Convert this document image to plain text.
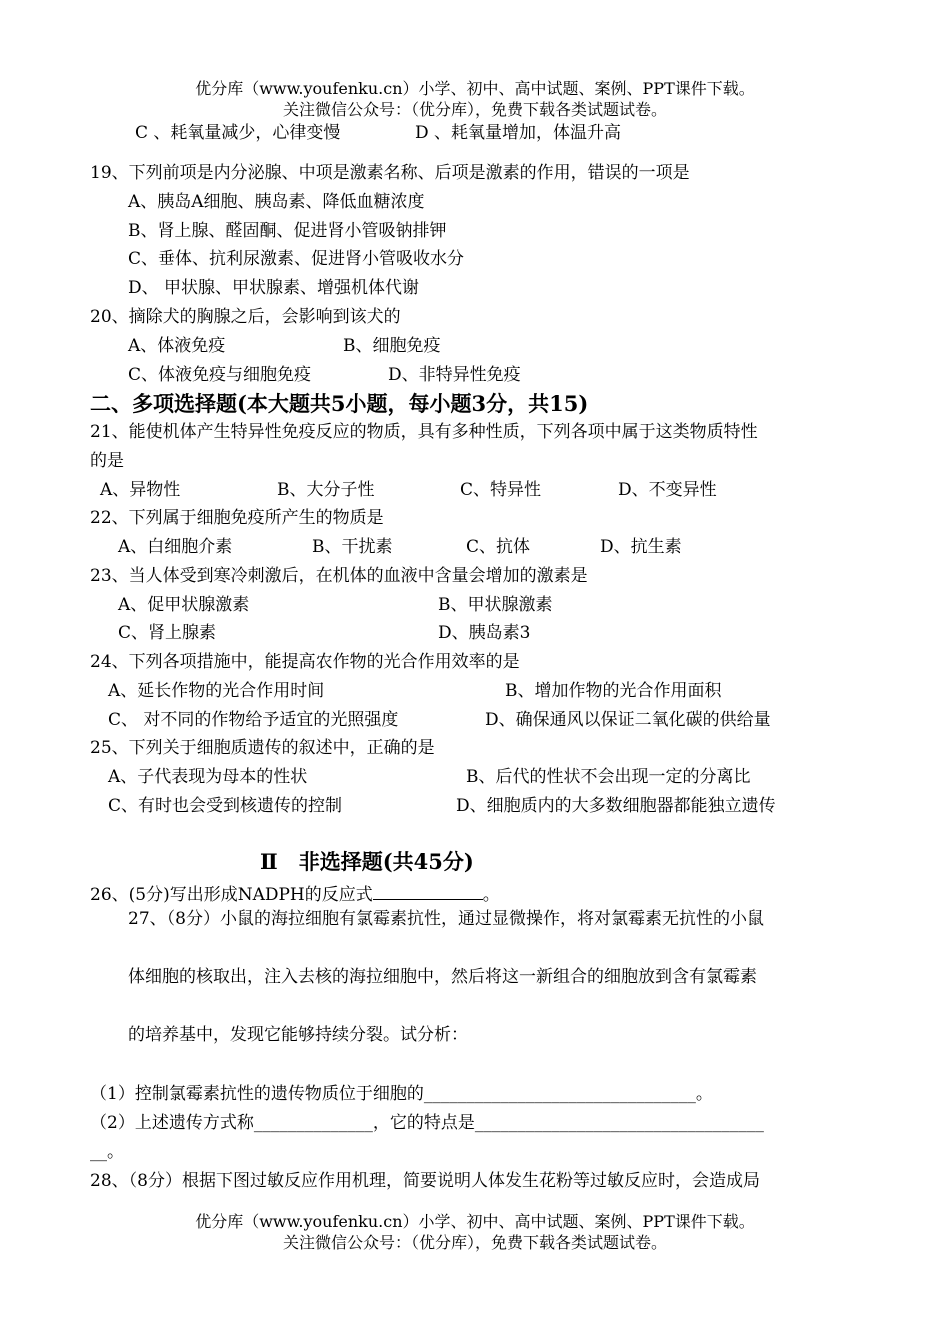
优分库（www.youfenku.cn）小学、初中、高中试题、案例、PPT课件下载。
关注微信公众号：（优分库），免费下载各类试题试卷。
C 、耗氧量减少，心律变慢	D 、耗氧量增加，体温升高
19、下列前项是内分泌腺、中项是激素名称、后项是激素的作用，错误的一项是
A、胰岛A细胞、胰岛素、降低血糖浓度
B、肾上腺、醛固酮、促进肾小管吸钠排钾
C、垂体、抗利尿激素、促进肾小管吸收水分
D、 甲状腺、甲状腺素、增强机体代谢
20、摘除犬的胸腺之后，会影响到该犬的
A、体液免疫	B、细胞免疫
C、体液免疫与细胞免疫	D、非特异性免疫
二、多项选择题(本大题共5小题，每小题3分，共15)
21、能使机体产生特异性免疫反应的物质，具有多种性质，下列各项中属于这类物质特性
的是
A、异物性	B、大分子性	C、特异性	D、不变异性
22、下列属于细胞免疫所产生的物质是
A、白细胞介素	B、干扰素	C、抗体	D、抗生素
23、当人体受到寒冷刺激后，在机体的血液中含量会增加的激素是
A、促甲状腺激素	B、甲状腺激素
C、肾上腺素	D、胰岛素3
24、下列各项措施中，能提高农作物的光合作用效率的是
A、延长作物的光合作用时间	B、增加作物的光合作用面积
C、 对不同的作物给予适宜的光照强度	D、确保通风以保证二氧化碳的供给量
25、下列关于细胞质遗传的叙述中，正确的是
A、子代表现为母本的性状	B、后代的性状不会出现一定的分离比
C、有时也会受到核遗传的控制	D、细胞质内的大多数细胞器都能独立遗传
Ⅱ　非选择题(共45分)
26、(5分)写出形成NADPH的反应式	。
27、（8分）小鼠的海拉细胞有氯霉素抗性，通过显微操作，将对氯霉素无抗性的小鼠
体细胞的核取出，注入去核的海拉细胞中，然后将这一新组合的细胞放到含有氯霉素
的培养基中，发现它能够持续分裂。试分析：
（1）控制氯霉素抗性的遗传物质位于细胞的________________________________。
（2）上述遗传方式称______________，它的特点是__________________________________
__。
28、（8分）根据下图过敏反应作用机理，简要说明人体发生花粉等过敏反应时，会造成局
优分库（www.youfenku.cn）小学、初中、高中试题、案例、PPT课件下载。
关注微信公众号：（优分库），免费下载各类试题试卷。
